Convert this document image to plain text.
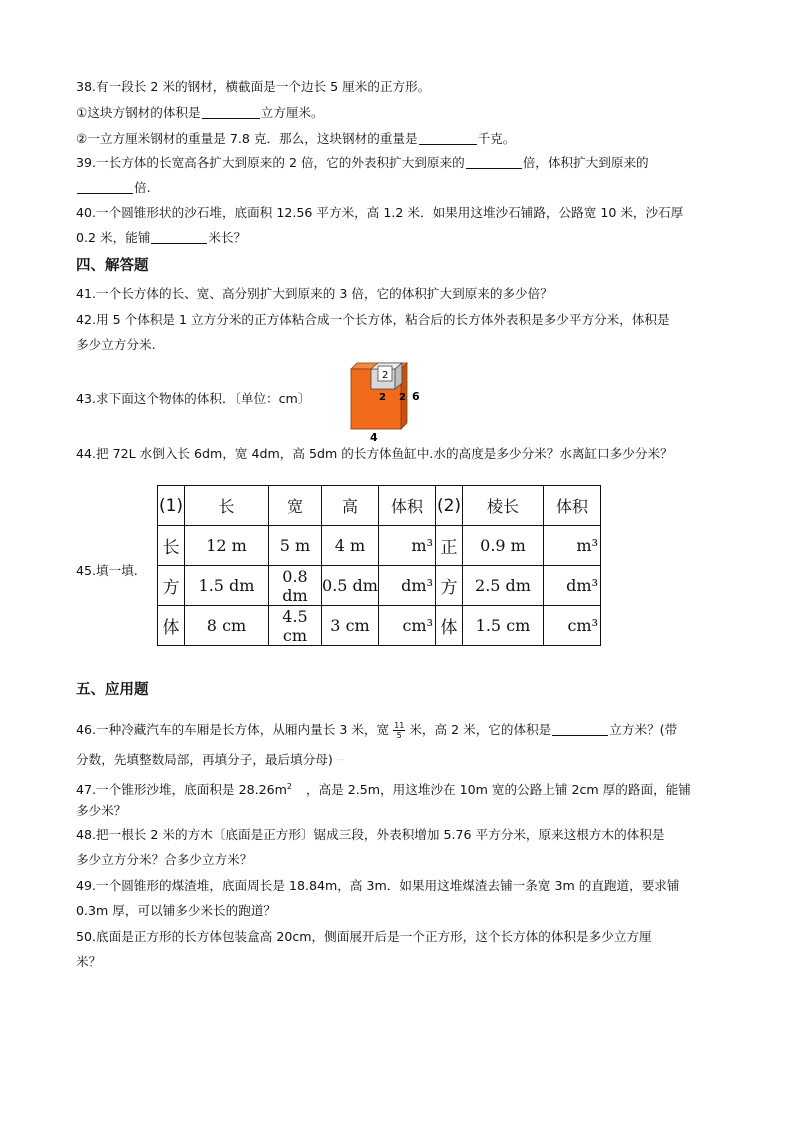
38.有一段长 2 米的钢材，横截面是一个边长 5 厘米的正方形。
①这块方钢材的体积是	立方厘米。
②一立方厘米钢材的重量是 7.8 克．那么，这块钢材的重量是	千克。
39.一长方体的长宽高各扩大到原来的 2 倍，它的外表积扩大到原来的	倍，体积扩大到原来的
倍.
40.一个圆锥形状的沙石堆，底面积 12.56 平方米，高 1.2 米．如果用这堆沙石铺路，公路宽 10 米，沙石厚
0.2 米，能铺	米长？
四、解答题
41.一个长方体的长、宽、高分别扩大到原来的 3 倍，它的体积扩大到原来的多少倍？
42.用 5 个体积是 1 立方分米的正方体粘合成一个长方体，粘合后的长方体外表积是多少平方分米，体积是
多少立方分米.
43.求下面这个物体的体积．〔单位：cm〕
2
2 2 6
4
44.把 72L 水倒入长 6dm，宽 4dm，高 5dm 的长方体鱼缸中.水的高度是多少分米？水离缸口多少分米？
45.填一填.
(1)	长	宽	高	体积	(2)	棱长	体积
长	12 m	5 m	4 m	m³	正	0.9 m	m³
方	1.5 dm	0.8 dm	0.5 dm	dm³	方	2.5 dm	dm³
体	8 cm	4.5 cm	3 cm	cm³	体	1.5 cm	cm³
五、应用题
46.一种冷藏汽车的车厢是长方体，从厢内量长 3 米，宽 $\frac{11}{5}$ 米，高 2 米，它的体积是	立方米？(带
分数，先填整数局部，再填分子，最后填分母) ······
47.一个锥形沙堆，底面积是 $28.26m^2$ ，高是 2.5m，用这堆沙在 10m 宽的公路上铺 2cm 厚的路面，能铺
多少米？
48.把一根长 2 米的方木〔底面是正方形〕锯成三段，外表积增加 5.76 平方分米，原来这根方木的体积是
多少立方分米？合多少立方米？
49.一个圆锥形的煤渣堆，底面周长是 18.84m，高 3m．如果用这堆煤渣去铺一条宽 3m 的直跑道，要求铺
0.3m 厚，可以铺多少米长的跑道？
50.底面是正方形的长方体包装盒高 20cm，侧面展开后是一个正方形，这个长方体的体积是多少立方厘
米？
